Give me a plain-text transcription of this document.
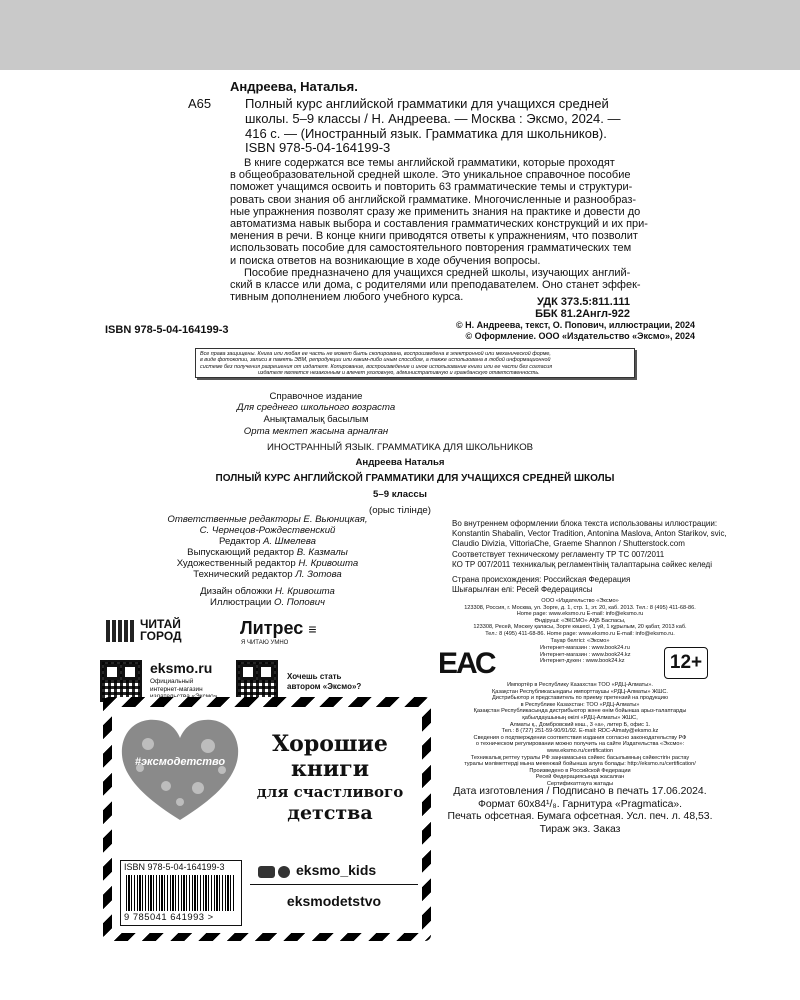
Андреева, Наталья.
А65	Полный курс английской грамматики для учащихся средней
школы. 5–9 классы / Н. Андреева. — Москва : Эксмо, 2024. —
416 с. — (Иностранный язык. Грамматика для школьников).
ISBN 978-5-04-164199-3
В книге содержатся все темы английской грамматики, которые проходят
в общеобразовательной средней школе. Это уникальное справочное пособие
поможет учащимся освоить и повторить 63 грамматические темы и структури-
ровать свои знания об английской грамматике. Многочисленные и разнообраз-
ные упражнения позволят сразу же применить знания на практике и довести до
автоматизма навык выбора и составления грамматических конструкций и их при-
менения в речи. В конце книги приводятся ответы к упражнениям, что позволит
использовать пособие для самостоятельного повторения грамматических тем
и поиска ответов на возникающие в ходе обучения вопросы.
Пособие предназначено для учащихся средней школы, изучающих англий-
ский в классе или дома, с родителями или преподавателем. Оно станет эффек-
тивным дополнением любого учебного курса.	УДК 373.5:811.111
ББК 81.2Англ-922
ISBN 978-5-04-164199-3	© Н. Андреева, текст, О. Попович, иллюстрации, 2024
© Оформление. ООО «Издательство «Эксмо», 2024
Все права защищены. Книга или любая ее часть не может быть скопирована, воспроизведена в электронной или механической форме,
в виде фотокопии, записи в память ЭВМ, репродукции или каким-либо иным способом, а также использована в любой информационной
системе без получения разрешения от издателя. Копирование, воспроизведение и иное использование книги или ее части без согласия
издателя является незаконным и влечет уголовную, административную и гражданскую ответственность.
Справочное издание
Для среднего школьного возраста
Анықтамалық басылым
Орта мектеп жасына арналған
ИНОСТРАННЫЙ ЯЗЫК. ГРАММАТИКА ДЛЯ ШКОЛЬНИКОВ
Андреева Наталья
ПОЛНЫЙ КУРС АНГЛИЙСКОЙ ГРАММАТИКИ ДЛЯ УЧАЩИХСЯ СРЕДНЕЙ ШКОЛЫ
5–9 классы
(орыс тілінде)
Ответственные редакторы Е. Вьюницкая,
С. Чернецов-Рождественский
Редактор А. Шмелева
Выпускающий редактор В. Казмалы
Художественный редактор Н. Кривошта
Технический редактор Л. Зотова
Дизайн обложки Н. Кривошта
Иллюстрации О. Попович
Во внутреннем оформлении блока текста использованы иллюстрации:
Konstantin Shabalin, Vector Tradition, Antonina Maslova, Anton Starikov, svic,
Claudio Divizia, VittoriaChe, Graeme Shannon / Shutterstock.com
Соответствует техническому регламенту ТР ТС 007/2011
КО ТР 007/2011 техникалық регламентінің талаптарына сәйкес келеді
Страна происхождения: Российская Федерация
Шығарылған елі: Ресей Федерациясы
ООО «Издательство «Эксмо»
123308, Россия, г. Москва, ул. Зорге, д. 1, стр. 1, эт. 20, каб. 2013. Тел.: 8 (495) 411-68-86.
Home page: www.eksmo.ru E-mail: info@eksmo.ru
Өндіруші: «ЭКСМО» АҚБ Баспасы,
123308, Ресей, Мәскеу қаласы, Зорге көшесі, 1 үй, 1 құрылым, 20 қабат, 2013 каб.
Тел.: 8 (495) 411-68-86. Home page: www.eksmo.ru E-mail: info@eksmo.ru.
Тауар белгісі: «Эксмо»
Интернет-магазин : www.book24.ru
Интернет-магазин : www.book24.kz
Интернет-дүкен : www.book24.kz
ЕАС	12+
Импортёр в Республику Казахстан ТОО «РДЦ-Алматы».
Қазақстан Республикасындағы импорттаушы «РДЦ-Алматы» ЖШС.
Дистрибьютор и представитель по приему претензий на продукцию
в Республике Казахстан: ТОО «РДЦ-Алматы»
Қазақстан Республикасында дистрибьютор және өнім бойынша арыз-талаптарды
қабылдаушының өкілі «РДЦ-Алматы» ЖШС,
Алматы қ., Домбровский көш., 3 «а», литер Б, офис 1.
Тел.: 8 (727) 251-59-90/91/92. E-mail: RDC-Almaty@eksmo.kz
Сведения о подтверждении соответствия издания согласно законодательству РФ
о техническом регулировании можно получить на сайте Издательства «Эксмо»:
www.eksmo.ru/certification
Техникалық реттеу туралы РФ заңнамасына сәйкес басылымның сәйкестігін растау
туралы мәліметтерді мына мекенжай бойынша алуға болады: http://eksmo.ru/certification/
Произведено в Российской Федерации
Ресей Федерациясында жасалған
Сертификаттауға жатады
Дата изготовления / Подписано в печать 17.06.2024.
Формат 60x84¹/₈. Гарнитура «Pragmatica».
Печать офсетная. Бумага офсетная. Усл. печ. л. 48,53.
Тираж экз. Заказ
ЧИТАЙ ГОРОД	Литрес ≡
Я ЧИТАЮ УМНО
eksmo.ru
Официальный
интернет-магазин
Хочешь стать
автором «Эксмо»?
#эксмодетство
Хорошие
книги
для счастливого
детства
ISBN 978-5-04-164199-3
9 785041 641993 >
eksmo_kids
eksmodetstvo
